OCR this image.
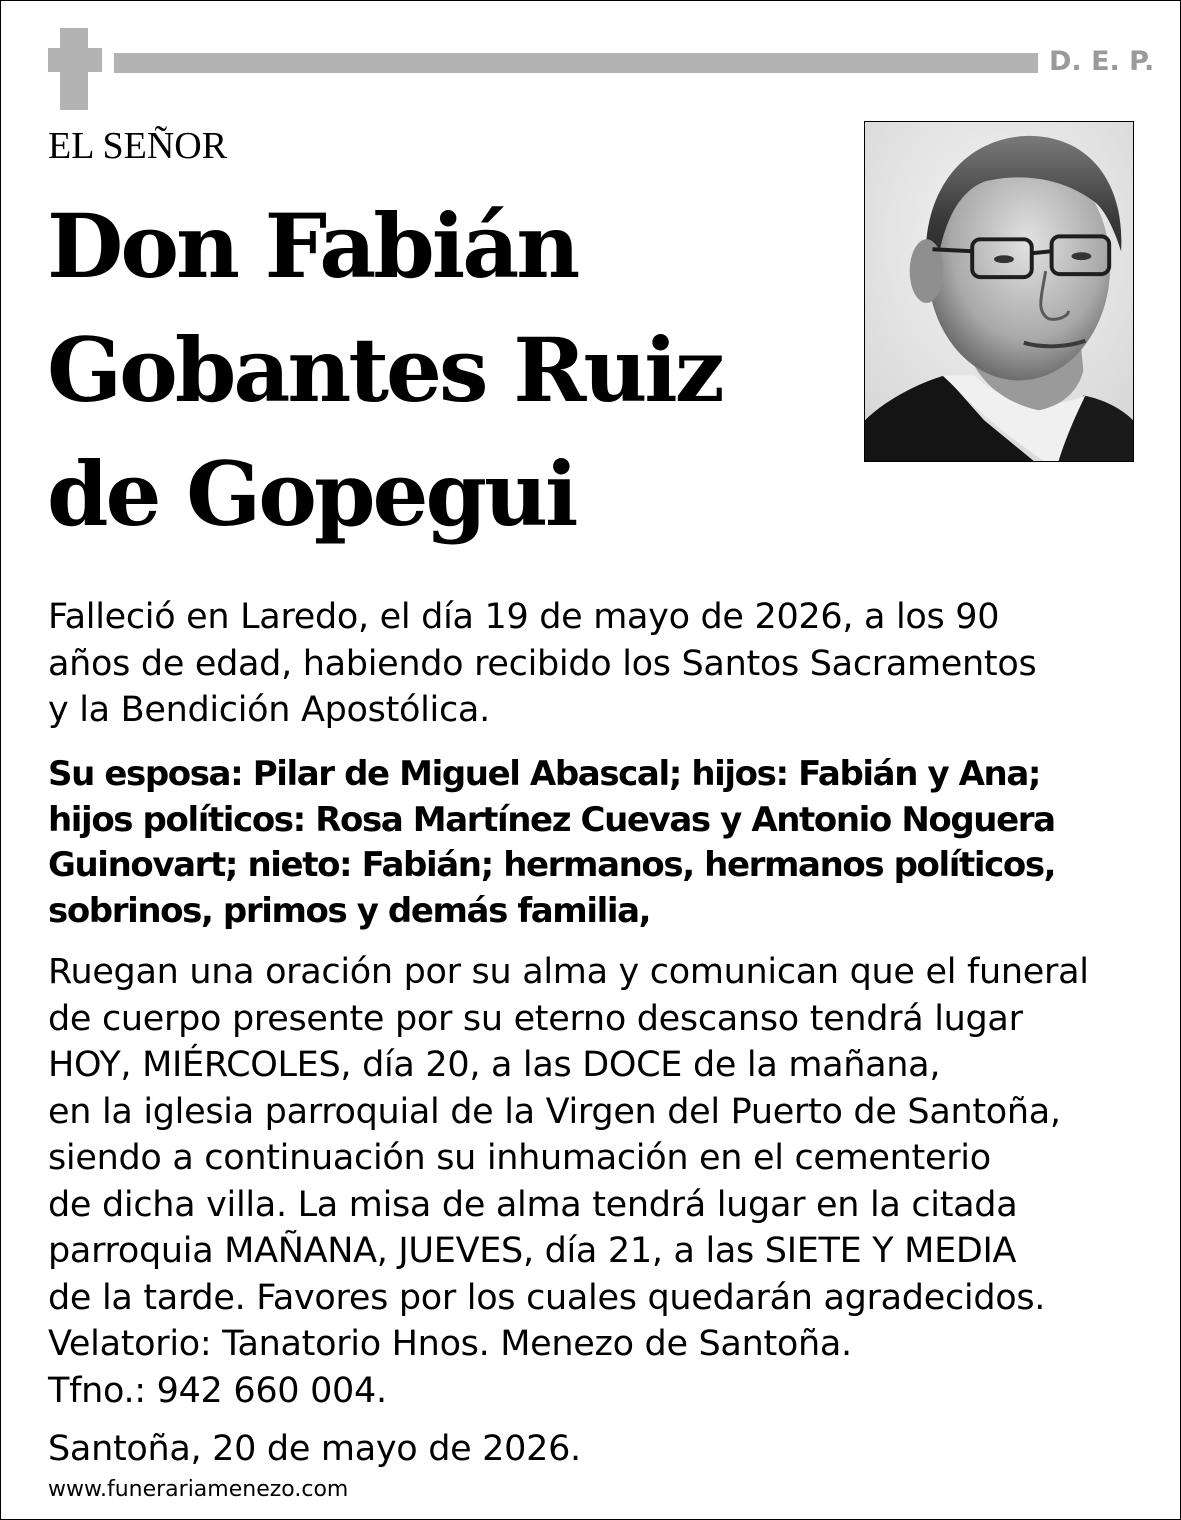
D. E. P.
EL SEÑOR
Don Fabián
Gobantes Ruiz
de Gopegui
Falleció en Laredo, el día 19 de mayo de 2026, a los 90
años de edad, habiendo recibido los Santos Sacramentos
y la Bendición Apostólica.
Su esposa: Pilar de Miguel Abascal; hijos: Fabián y Ana;
hijos políticos: Rosa Martínez Cuevas y Antonio Noguera
Guinovart; nieto: Fabián; hermanos, hermanos políticos,
sobrinos, primos y demás familia,
Ruegan una oración por su alma y comunican que el funeral
de cuerpo presente por su eterno descanso tendrá lugar
HOY, MIÉRCOLES, día 20, a las DOCE de la mañana,
en la iglesia parroquial de la Virgen del Puerto de Santoña,
siendo a continuación su inhumación en el cementerio
de dicha villa. La misa de alma tendrá lugar en la citada
parroquia MAÑANA, JUEVES, día 21, a las SIETE Y MEDIA
de la tarde. Favores por los cuales quedarán agradecidos.
Velatorio: Tanatorio Hnos. Menezo de Santoña.
Tfno.: 942 660 004.
Santoña, 20 de mayo de 2026.
www.funerariamenezo.com
